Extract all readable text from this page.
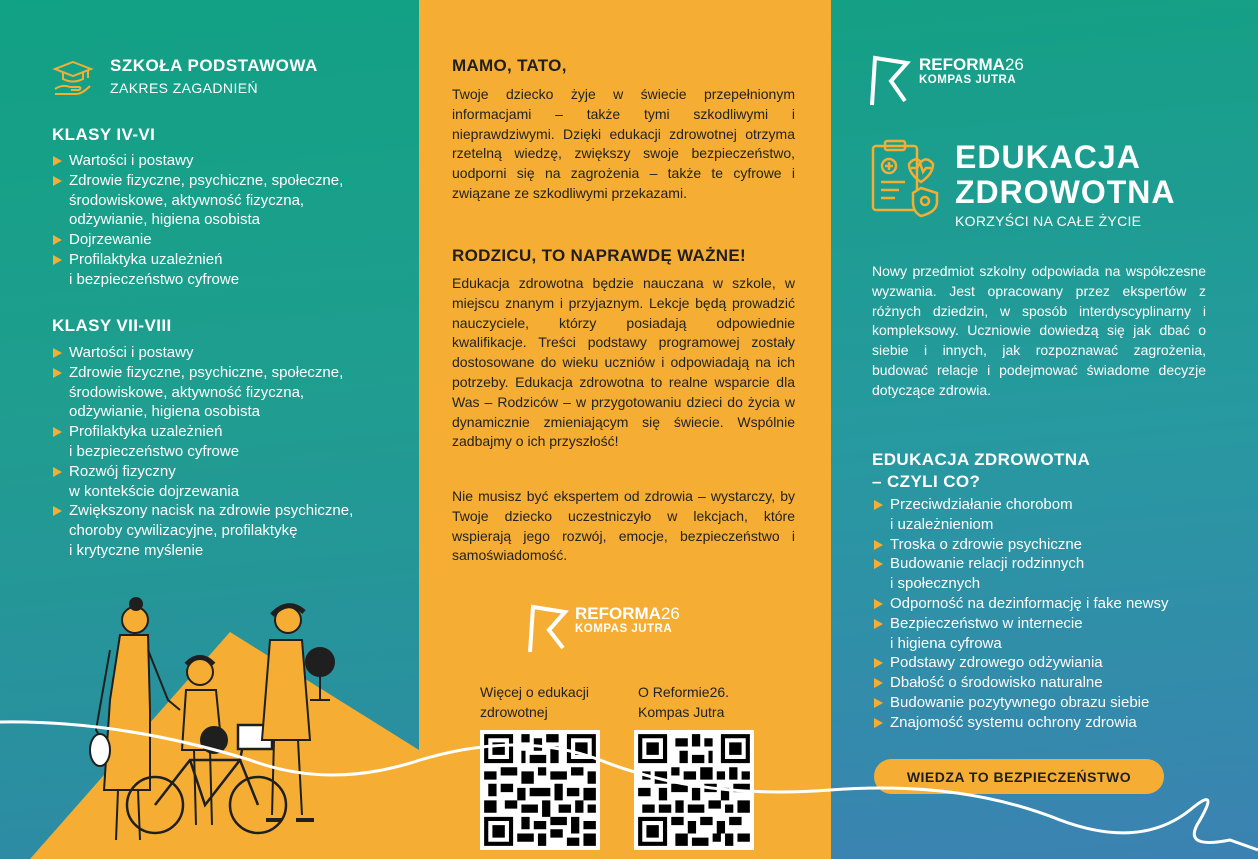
SZKOŁA PODSTAWOWA
ZAKRES ZAGADNIEŃ
KLASY IV-VI
Wartości i postawy
Zdrowie fizyczne, psychiczne, społeczne,
środowiskowe, aktywność fizyczna,
odżywianie, higiena osobista
Dojrzewanie
Profilaktyka uzależnień
i bezpieczeństwo cyfrowe
KLASY VII-VIII
Wartości i postawy
Zdrowie fizyczne, psychiczne, społeczne,
środowiskowe, aktywność fizyczna,
odżywianie, higiena osobista
Profilaktyka uzależnień
i bezpieczeństwo cyfrowe
Rozwój fizyczny
w kontekście dojrzewania
Zwiększony nacisk na zdrowie psychiczne,
choroby cywilizacyjne, profilaktykę
i krytyczne myślenie
MAMO, TATO,

Twoje dziecko żyje w świecie przepełnionym informacjami – także tymi szkodliwymi i nieprawdziwymi. Dzięki edukacji zdrowotnej otrzyma rzetelną wiedzę, zwiększy swoje bezpieczeństwo, uodporni się na zagrożenia – także te cyfrowe i związane ze szkodliwymi przekazami.

RODZICU, TO NAPRAWDĘ WAŻNE!

Edukacja zdrowotna będzie nauczana w szkole, w miejscu znanym i przyjaznym. Lekcje będą prowadzić nauczyciele, którzy posiadają odpowiednie kwalifikacje. Treści podstawy programowej zostały dostosowane do wieku uczniów i odpowiadają na ich potrzeby. Edukacja zdrowotna to realne wsparcie dla Was – Rodziców – w przygotowaniu dzieci do życia w dynamicznie zmieniającym się świecie. Wspólnie zadbajmy o ich przyszłość!

Nie musisz być ekspertem od zdrowia – wystarczy, by Twoje dziecko uczestniczyło w lekcjach, które wspierają jego rozwój, emocje, bezpieczeństwo i samoświadomość.

REFORMA26
KOMPAS JUTRA
Więcej o edukacji
zdrowotnej
O Reformie26.
Kompas Jutra
REFORMA26
KOMPAS JUTRA
EDUKACJA
ZDROWOTNA
KORZYŚCI NA CAŁE ŻYCIE

Nowy przedmiot szkolny odpowiada na współczesne wyzwania. Jest opracowany przez ekspertów z różnych dziedzin, w sposób interdyscyplinarny i kompleksowy. Uczniowie dowiedzą się jak dbać o siebie i innych, jak rozpoznawać zagrożenia, budować relacje i podejmować świadome decyzje dotyczące zdrowia.

EDUKACJA ZDROWOTNA
– CZYLI CO?
Przeciwdziałanie chorobom
i uzależnieniom
Troska o zdrowie psychiczne
Budowanie relacji rodzinnych
i społecznych
Odporność na dezinformację i fake newsy
Bezpieczeństwo w internecie
i higiena cyfrowa
Podstawy zdrowego odżywiania
Dbałość o środowisko naturalne
Budowanie pozytywnego obrazu siebie
Znajomość systemu ochrony zdrowia
WIEDZA TO BEZPIECZEŃSTWO
